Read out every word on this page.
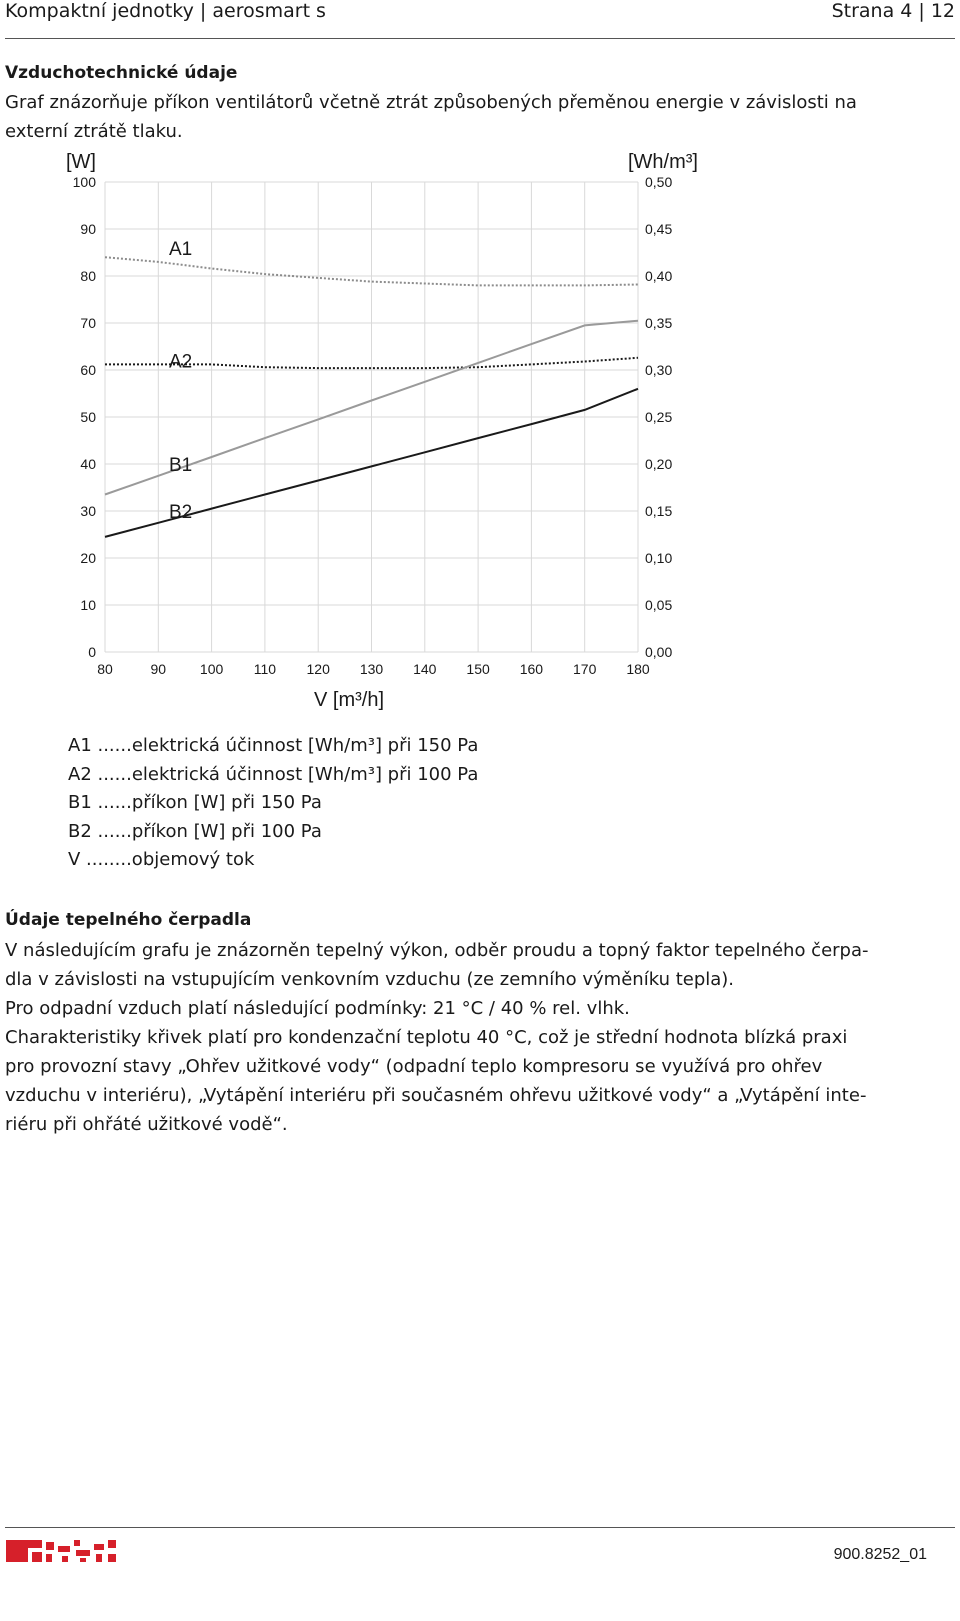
Kompaktní jednotky | aerosmart s	Strana 4 | 12
Vzduchotechnické údaje
Graf znázorňuje příkon ventilátorů včetně ztrát způsobených přeměnou energie v závislosti na
externí ztrátě tlaku.
0	0,00
10	0,05
20	0,10
30	0,15
40	0,20
50	0,25
60	0,30
70	0,35
80	0,40
90	0,45
100	0,50
80	90 100 110 120 130 140 150 160 170 180
A1
A2
B1
B2
[W]	[Wh/m³]
V [m³/h]
A1 ......elektrická účinnost [Wh/m³] při 150 Pa
A2 ......elektrická účinnost [Wh/m³] při 100 Pa
B1 ......příkon [W] při 150 Pa
B2 ......příkon [W] při 100 Pa
V ........objemový tok
Údaje tepelného čerpadla
V následujícím grafu je znázorněn tepelný výkon, odběr proudu a topný faktor tepelného čerpa-
dla v závislosti na vstupujícím venkovním vzduchu (ze zemního výměníku tepla).
Pro odpadní vzduch platí následující podmínky: 21 °C / 40 % rel. vlhk.
Charakteristiky křivek platí pro kondenzační teplotu 40 °C, což je střední hodnota blízká praxi
pro provozní stavy „Ohřev užitkové vody“ (odpadní teplo kompresoru se využívá pro ohřev
vzduchu v interiéru), „Vytápění interiéru při současném ohřevu užitkové vody“ a „Vytápění inte-
riéru při ohřáté užitkové vodě“.
900.8252_01
